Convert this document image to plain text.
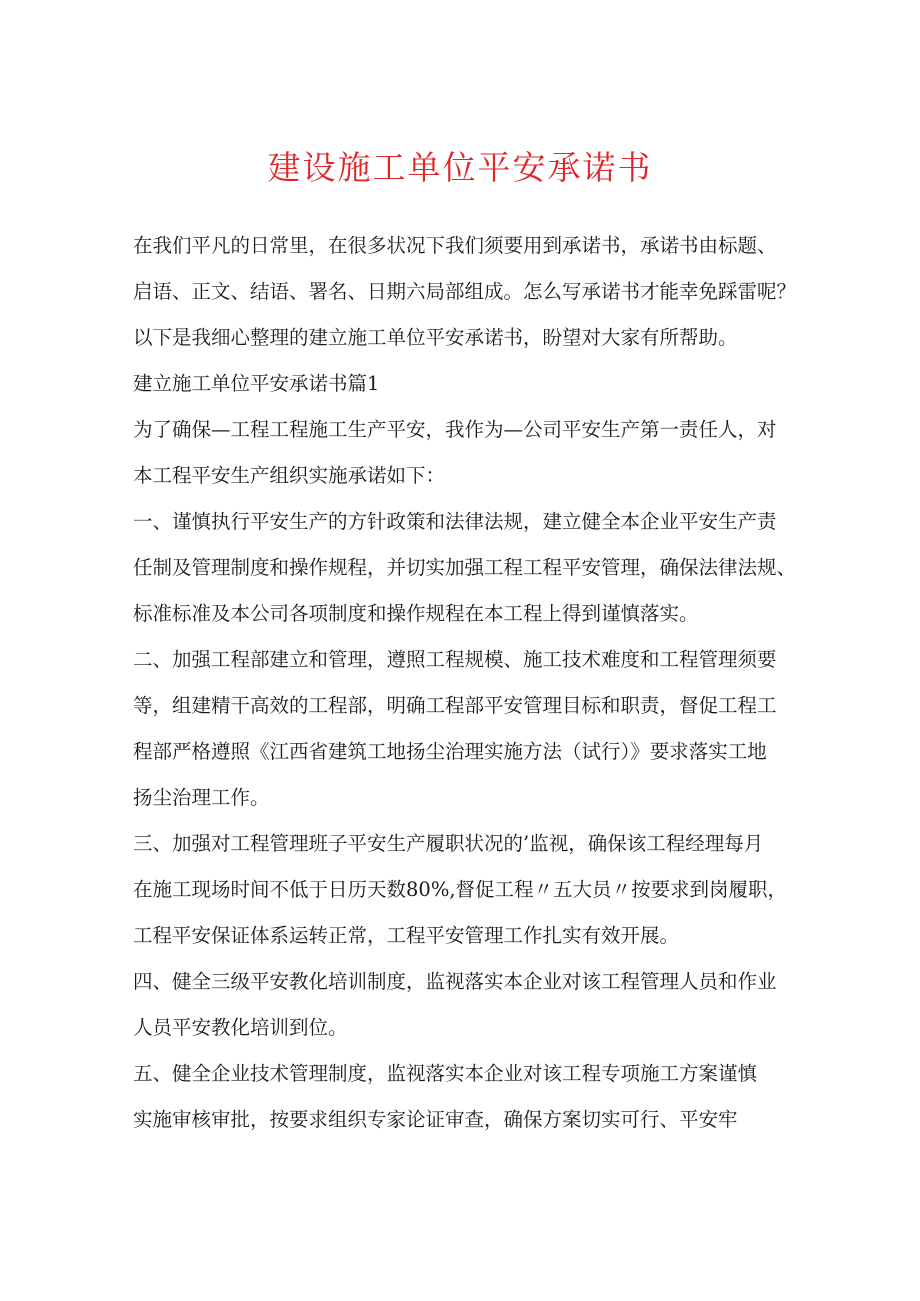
建设施工单位平安承诺书
在我们平凡的日常里，在很多状况下我们须要用到承诺书，承诺书由标题、
启语、正文、结语、署名、日期六局部组成。怎么写承诺书才能幸免踩雷呢？
以下是我细心整理的建立施工单位平安承诺书，盼望对大家有所帮助。
建立施工单位平安承诺书篇1
为了确保—工程工程施工生产平安，我作为—公司平安生产第一责任人，对
本工程平安生产组织实施承诺如下：
一、谨慎执行平安生产的方针政策和法律法规，建立健全本企业平安生产责
任制及管理制度和操作规程，并切实加强工程工程平安管理，确保法律法规、
标准标准及本公司各项制度和操作规程在本工程上得到谨慎落实。
二、加强工程部建立和管理，遵照工程规模、施工技术难度和工程管理须要
等，组建精干高效的工程部，明确工程部平安管理目标和职责，督促工程工
程部严格遵照《江西省建筑工地扬尘治理实施方法（试行）》要求落实工地
扬尘治理工作。
三、加强对工程管理班子平安生产履职状况的’监视，确保该工程经理每月
在施工现场时间不低于日历天数80%,督促工程〃五大员〃按要求到岗履职，
工程平安保证体系运转正常，工程平安管理工作扎实有效开展。
四、健全三级平安教化培训制度，监视落实本企业对该工程管理人员和作业
人员平安教化培训到位。
五、健全企业技术管理制度，监视落实本企业对该工程专项施工方案谨慎
实施审核审批，按要求组织专家论证审查，确保方案切实可行、平安牢
